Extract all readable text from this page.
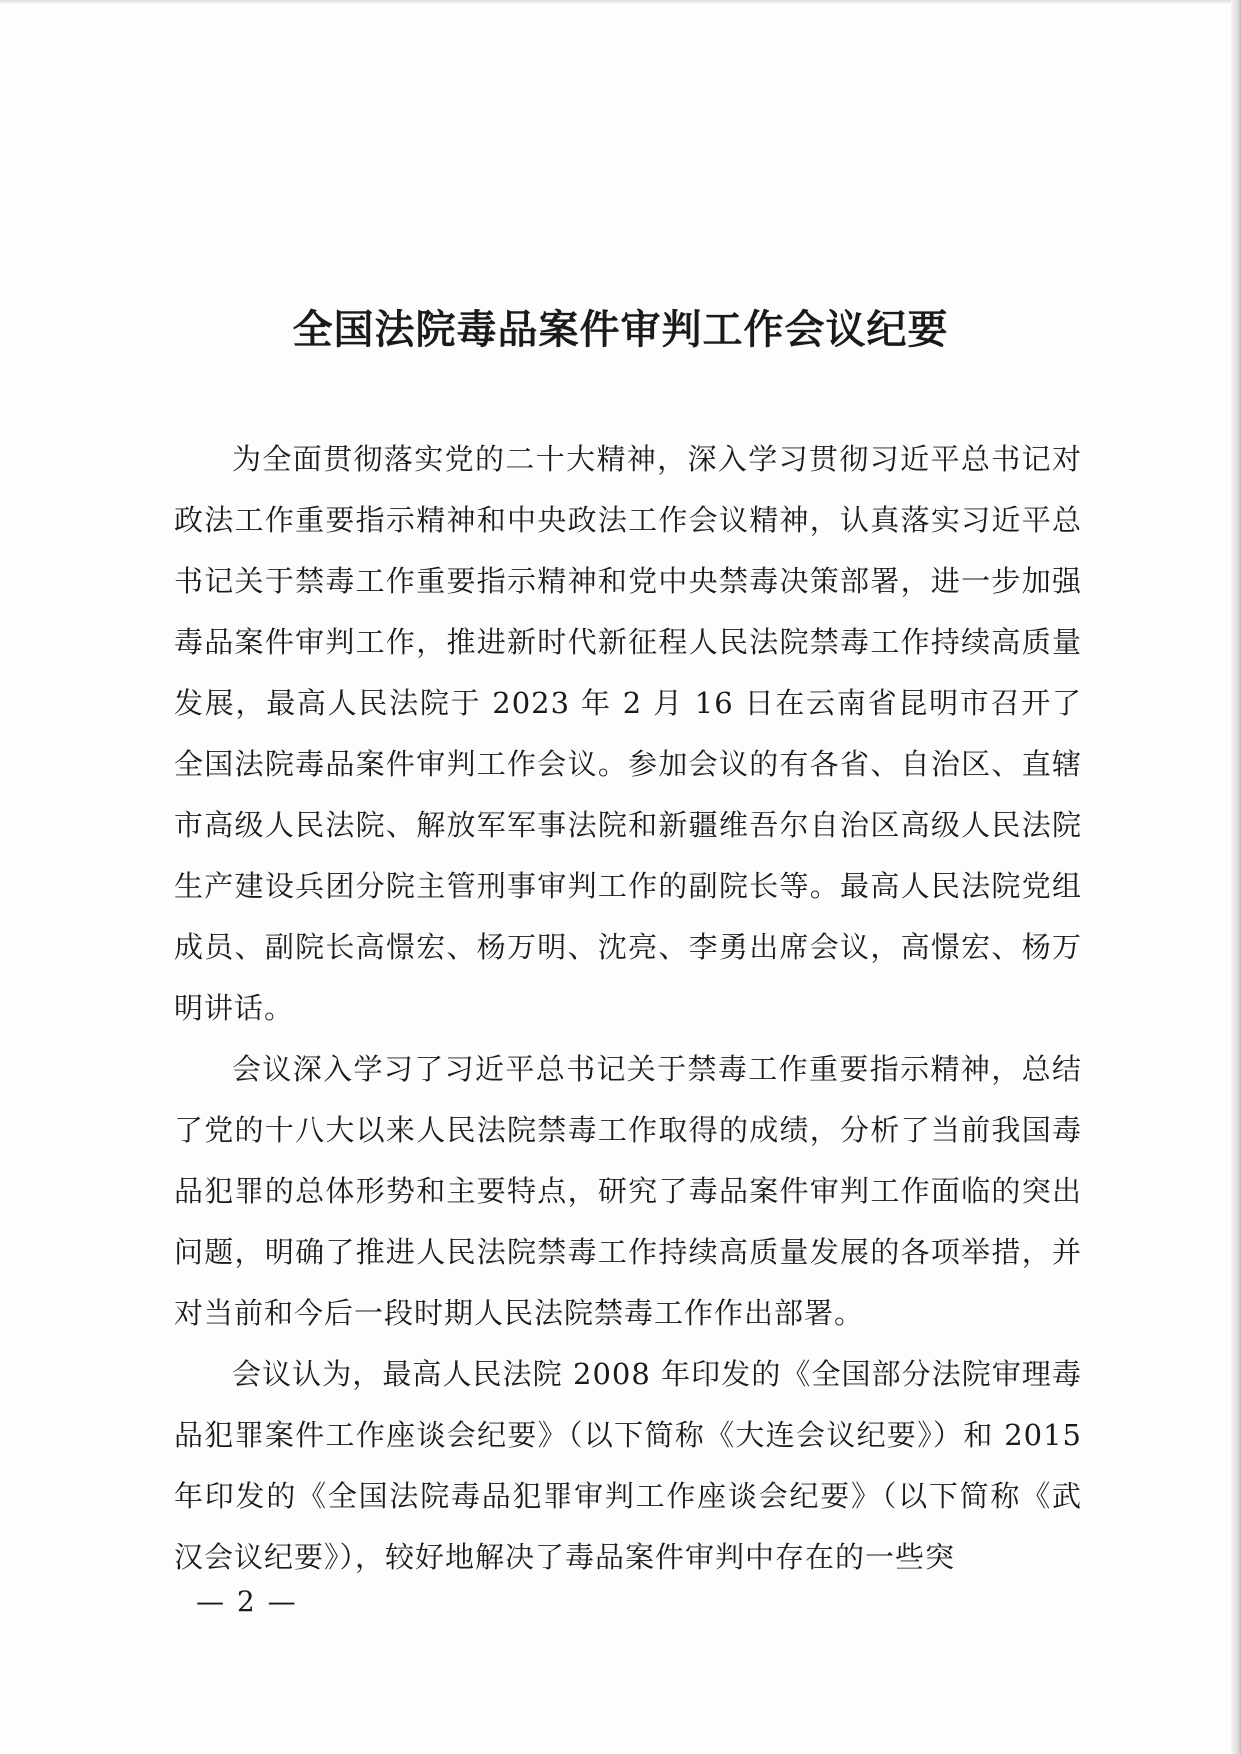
全国法院毒品案件审判工作会议纪要

为全面贯彻落实党的二十大精神，深入学习贯彻习近平总书记对政法工作重要指示精神和中央政法工作会议精神，认真落实习近平总书记关于禁毒工作重要指示精神和党中央禁毒决策部署，进一步加强毒品案件审判工作，推进新时代新征程人民法院禁毒工作持续高质量发展，最高人民法院于 2023 年 2 月 16 日在云南省昆明市召开了全国法院毒品案件审判工作会议。参加会议的有各省、自治区、直辖市高级人民法院、解放军军事法院和新疆维吾尔自治区高级人民法院生产建设兵团分院主管刑事审判工作的副院长等。最高人民法院党组成员、副院长高憬宏、杨万明、沈亮、李勇出席会议，高憬宏、杨万明讲话。

会议深入学习了习近平总书记关于禁毒工作重要指示精神，总结了党的十八大以来人民法院禁毒工作取得的成绩，分析了当前我国毒品犯罪的总体形势和主要特点，研究了毒品案件审判工作面临的突出问题，明确了推进人民法院禁毒工作持续高质量发展的各项举措，并对当前和今后一段时期人民法院禁毒工作作出部署。

会议认为，最高人民法院 2008 年印发的《全国部分法院审理毒品犯罪案件工作座谈会纪要》（以下简称《大连会议纪要》）和 2015 年印发的《全国法院毒品犯罪审判工作座谈会纪要》（以下简称《武汉会议纪要》），较好地解决了毒品案件审判中存在的一些突

— 2 —
